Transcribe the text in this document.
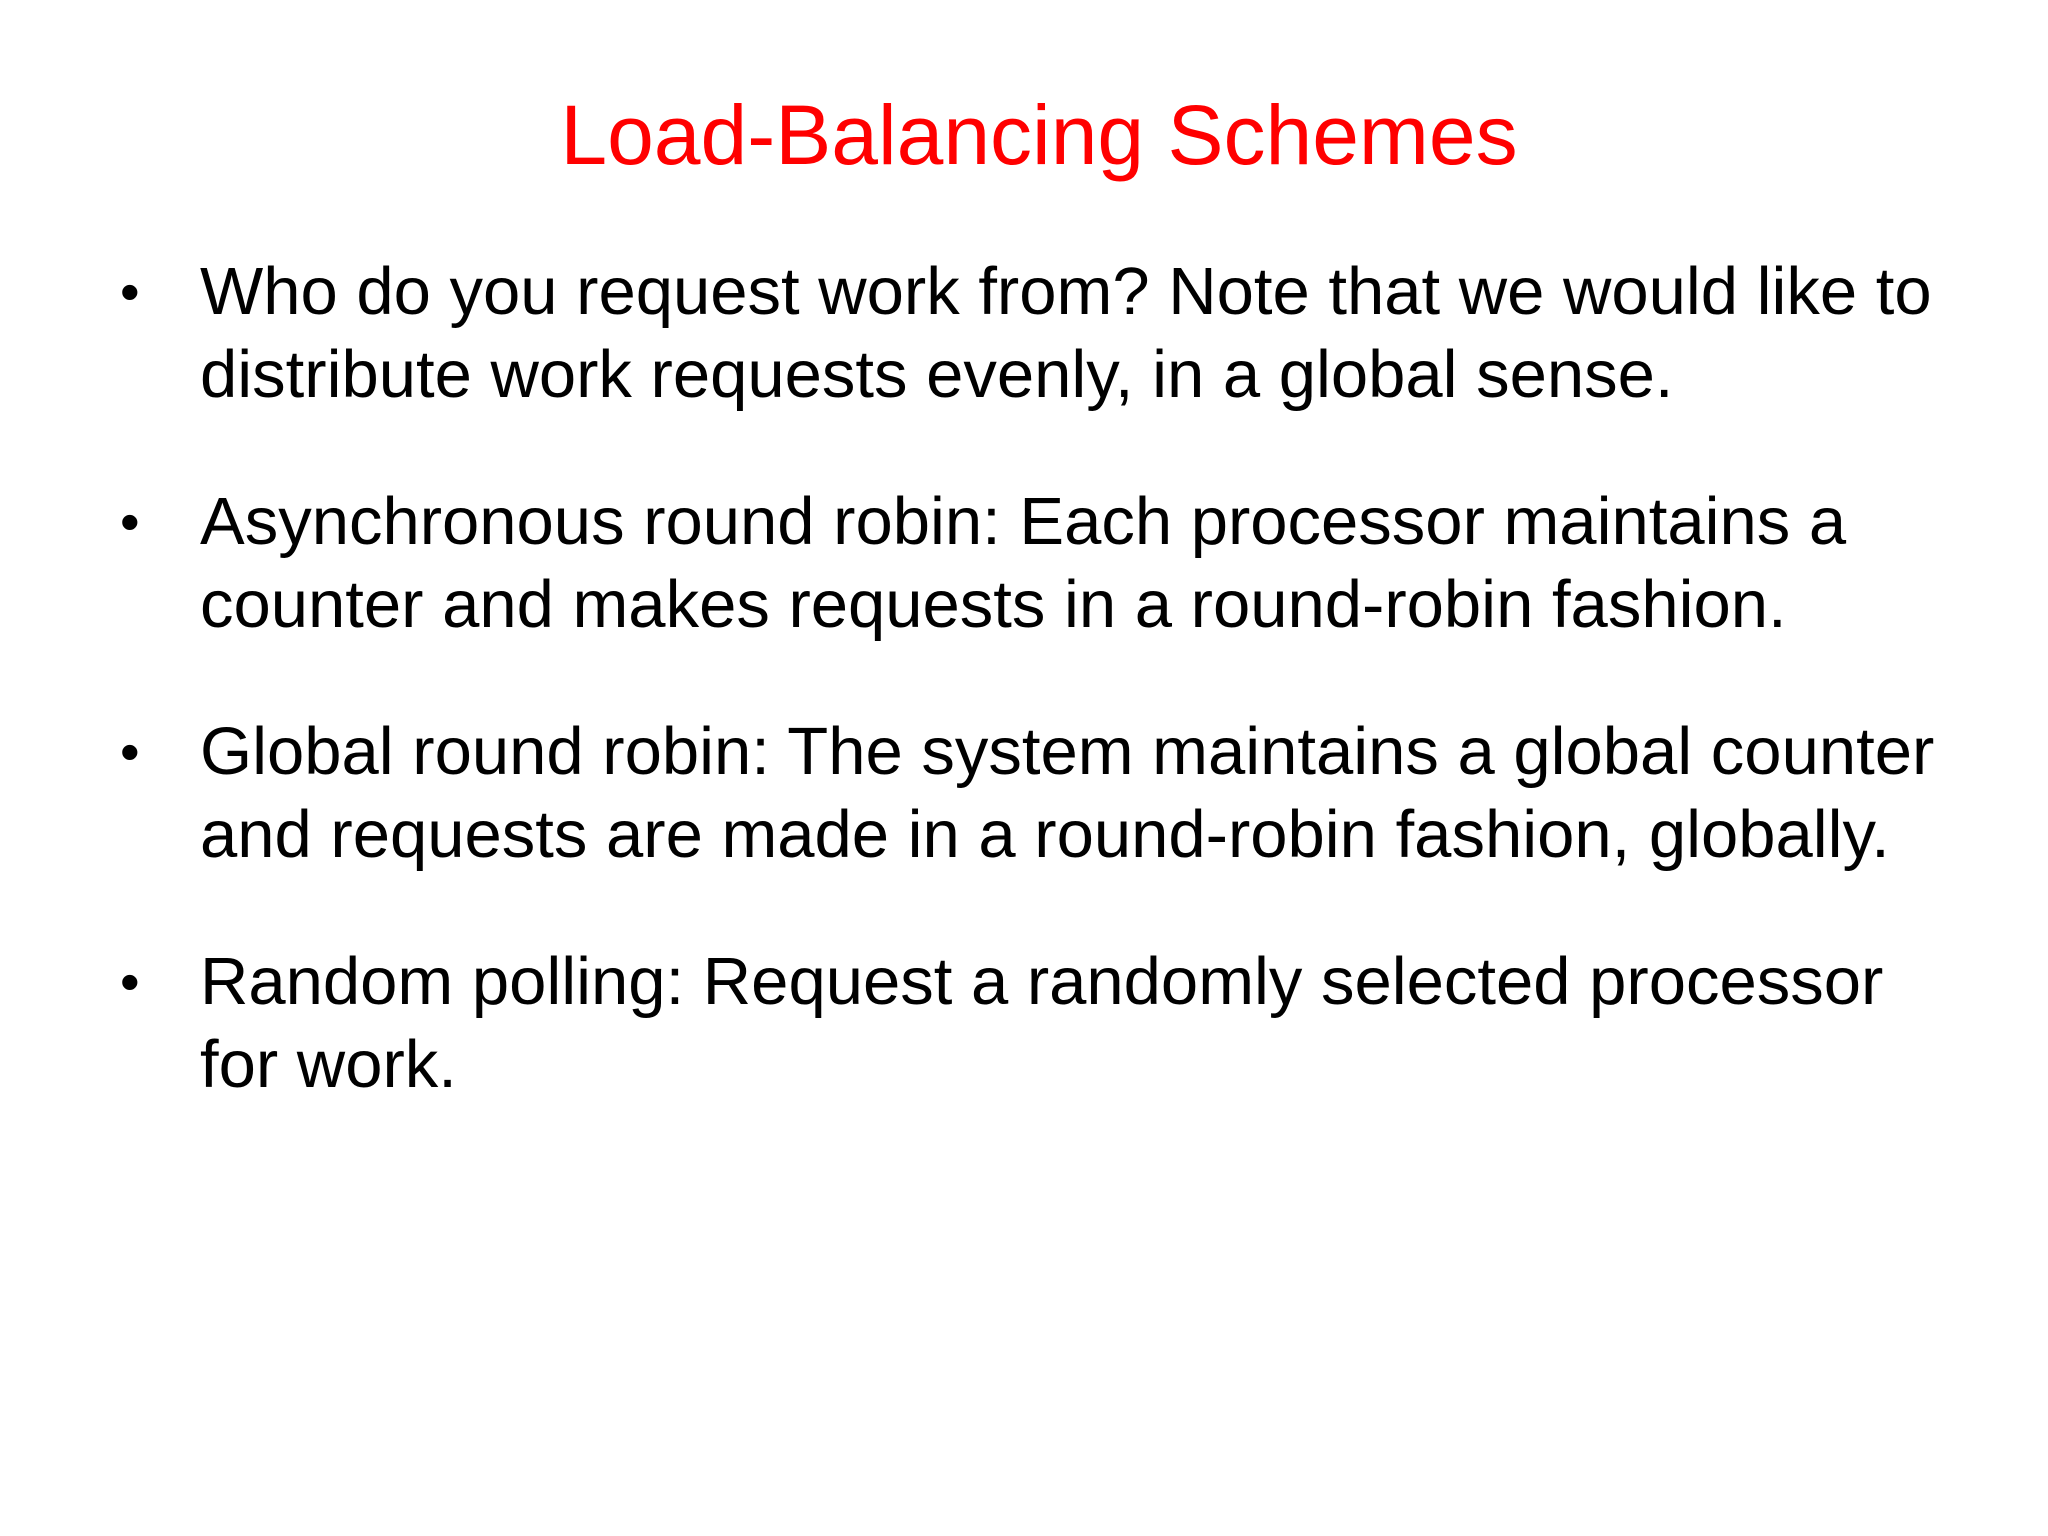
Load-Balancing Schemes
• Who do you request work from? Note that we would like to distribute work requests evenly, in a global sense.
• Asynchronous round robin: Each processor maintains a counter and makes requests in a round-robin fashion.
• Global round robin: The system maintains a global counter and requests are made in a round-robin fashion, globally.
• Random polling: Request a randomly selected processor for work.
